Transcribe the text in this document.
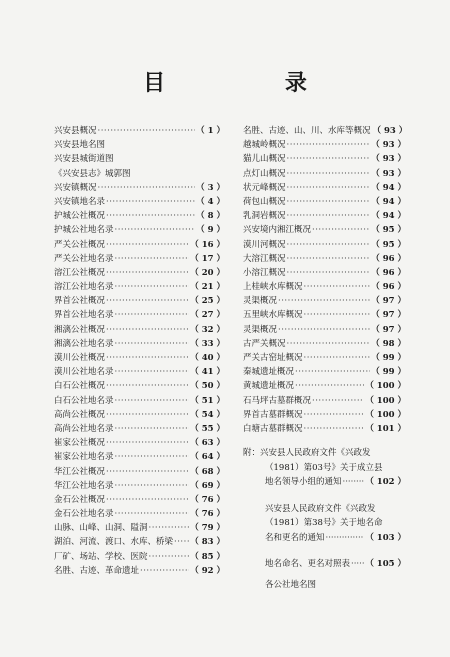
目 录
兴安县概况 ·····	（ 1 ）
兴安县地名图
兴安县城街道图
《兴安县志》城郭图
兴安镇概况 ·····	（ 3 ）
兴安镇地名录 ·····	（ 4 ）
护城公社概况 ·····	（ 8 ）
护城公社地名录 ·····	（ 9 ）
严关公社概况 ·····	（ 16 ）
严关公社地名录 ·····	（ 17 ）
溶江公社概况 ·····	（ 20 ）
溶江公社地名录 ·····	（ 21 ）
界首公社概况 ·····	（ 25 ）
界首公社地名录 ·····	（ 27 ）
湘漓公社概况 ·····	（ 32 ）
湘漓公社地名录 ·····	（ 33 ）
漠川公社概况 ·····	（ 40 ）
漠川公社地名录 ·····	（ 41 ）
白石公社概况 ·····	（ 50 ）
白石公社地名录 ·····	（ 51 ）
高尚公社概况 ·····	（ 54 ）
高尚公社地名录 ·····	（ 55 ）
崔家公社概况 ·····	（ 63 ）
崔家公社地名录 ·····	（ 64 ）
华江公社概况 ·····	（ 68 ）
华江公社地名录 ·····	（ 69 ）
金石公社概况 ·····	（ 76 ）
金石公社地名录 ·····	（ 76 ）
山脉、山峰、山洞、隘洞 ·····	（ 79 ）
湖泊、河流、渡口、水库、桥梁 ····· （ 83 ）
厂矿、场站、学校、医院 ·····	（ 85 ）
名胜、古迹、革命遗址 ·····	（ 92 ）
名胜、古迹、山、川、水库等概况 （ 93 ）
越城岭概况 ·····	（ 93 ）
猫儿山概况 ·····	（ 93 ）
点灯山概况 ·····	（ 93 ）
状元峰概况 ·····	（ 94 ）
荷包山概况 ·····	（ 94 ）
乳洞岩概况 ·····	（ 94 ）
兴安境内湘江概况 ·····	（ 95 ）
漠川河概况 ·····	（ 95 ）
大溶江概况 ·····	（ 96 ）
小溶江概况 ·····	（ 96 ）
上桂峡水库概况 ·····	（ 96 ）
灵渠概况 ·····	（ 97 ）
五里峡水库概况 ·····	（ 97 ）
灵渠概况 ·····	（ 97 ）
古严关概况 ·····	（ 98 ）
严关古窑址概况 ·····	（ 99 ）
秦城遗址概况 ·····	（ 99 ）
黄城遗址概况 ·····	（ 100 ）
石马坪古墓群概况 ·····	（ 100 ）
界首古墓群概况 ·····	（ 100 ）
白塘古墓群概况 ·····	（ 101 ）
附：兴安县人民政府文件《兴政发
（1981）第03号》关于成立县
地名领导小组的通知 ·····	（ 102 ）
兴安县人民政府文件《兴政发
（1981）第38号》关于地名命
名和更名的通知 ·····	（ 103 ）
地名命名、更名对照表 ····· （ 105 ）
各公社地名图
